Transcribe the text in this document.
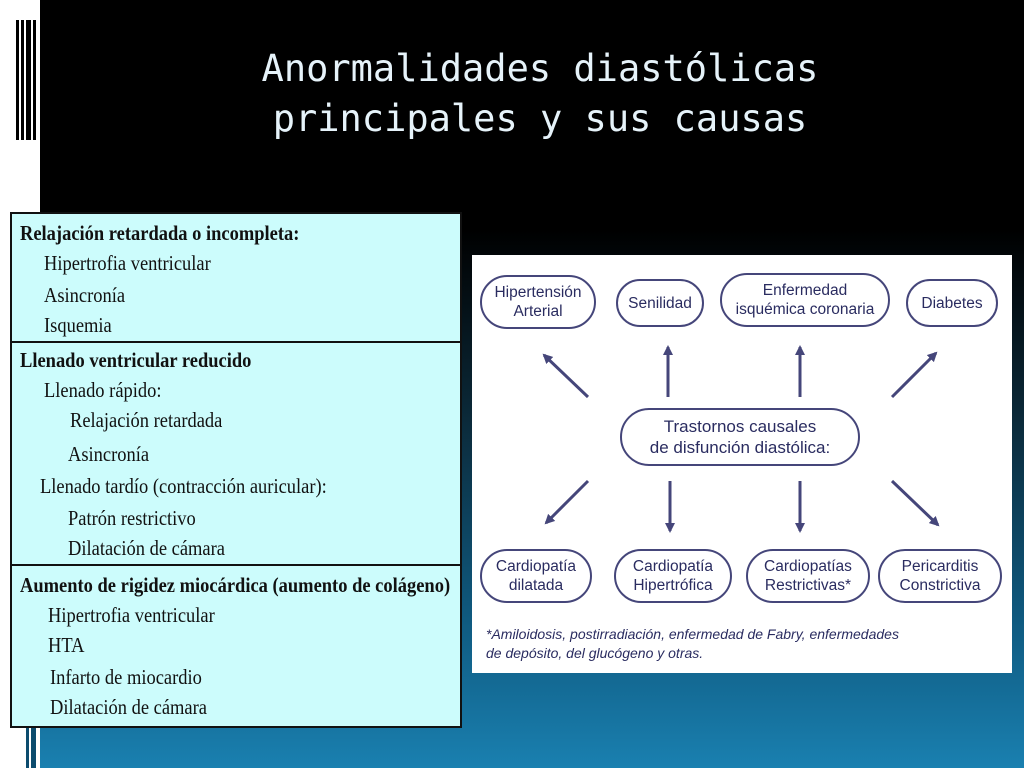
Anormalidades diastólicas
principales y sus causas
Relajación retardada o incompleta:
Hipertrofia ventricular
Asincronía
Isquemia
Llenado ventricular reducido
Llenado rápido:
Relajación retardada
Asincronía
Llenado tardío (contracción auricular):
Patrón restrictivo
Dilatación de cámara
Aumento de rigidez miocárdica (aumento de colágeno)
Hipertrofia ventricular
HTA
Infarto de miocardio
Dilatación de cámara
Hipertensión
Arterial	Senilidad
Enfermedad
isquémica coronaria	Diabetes
Trastornos causales
de disfunción diastólica:
Cardiopatía
dilatada
Cardiopatía
Hipertrófica
Cardiopatías
Restrictivas*
Pericarditis
Constrictiva
*Amiloidosis, postirradiación, enfermedad de Fabry, enfermedades
de depósito, del glucógeno y otras.
